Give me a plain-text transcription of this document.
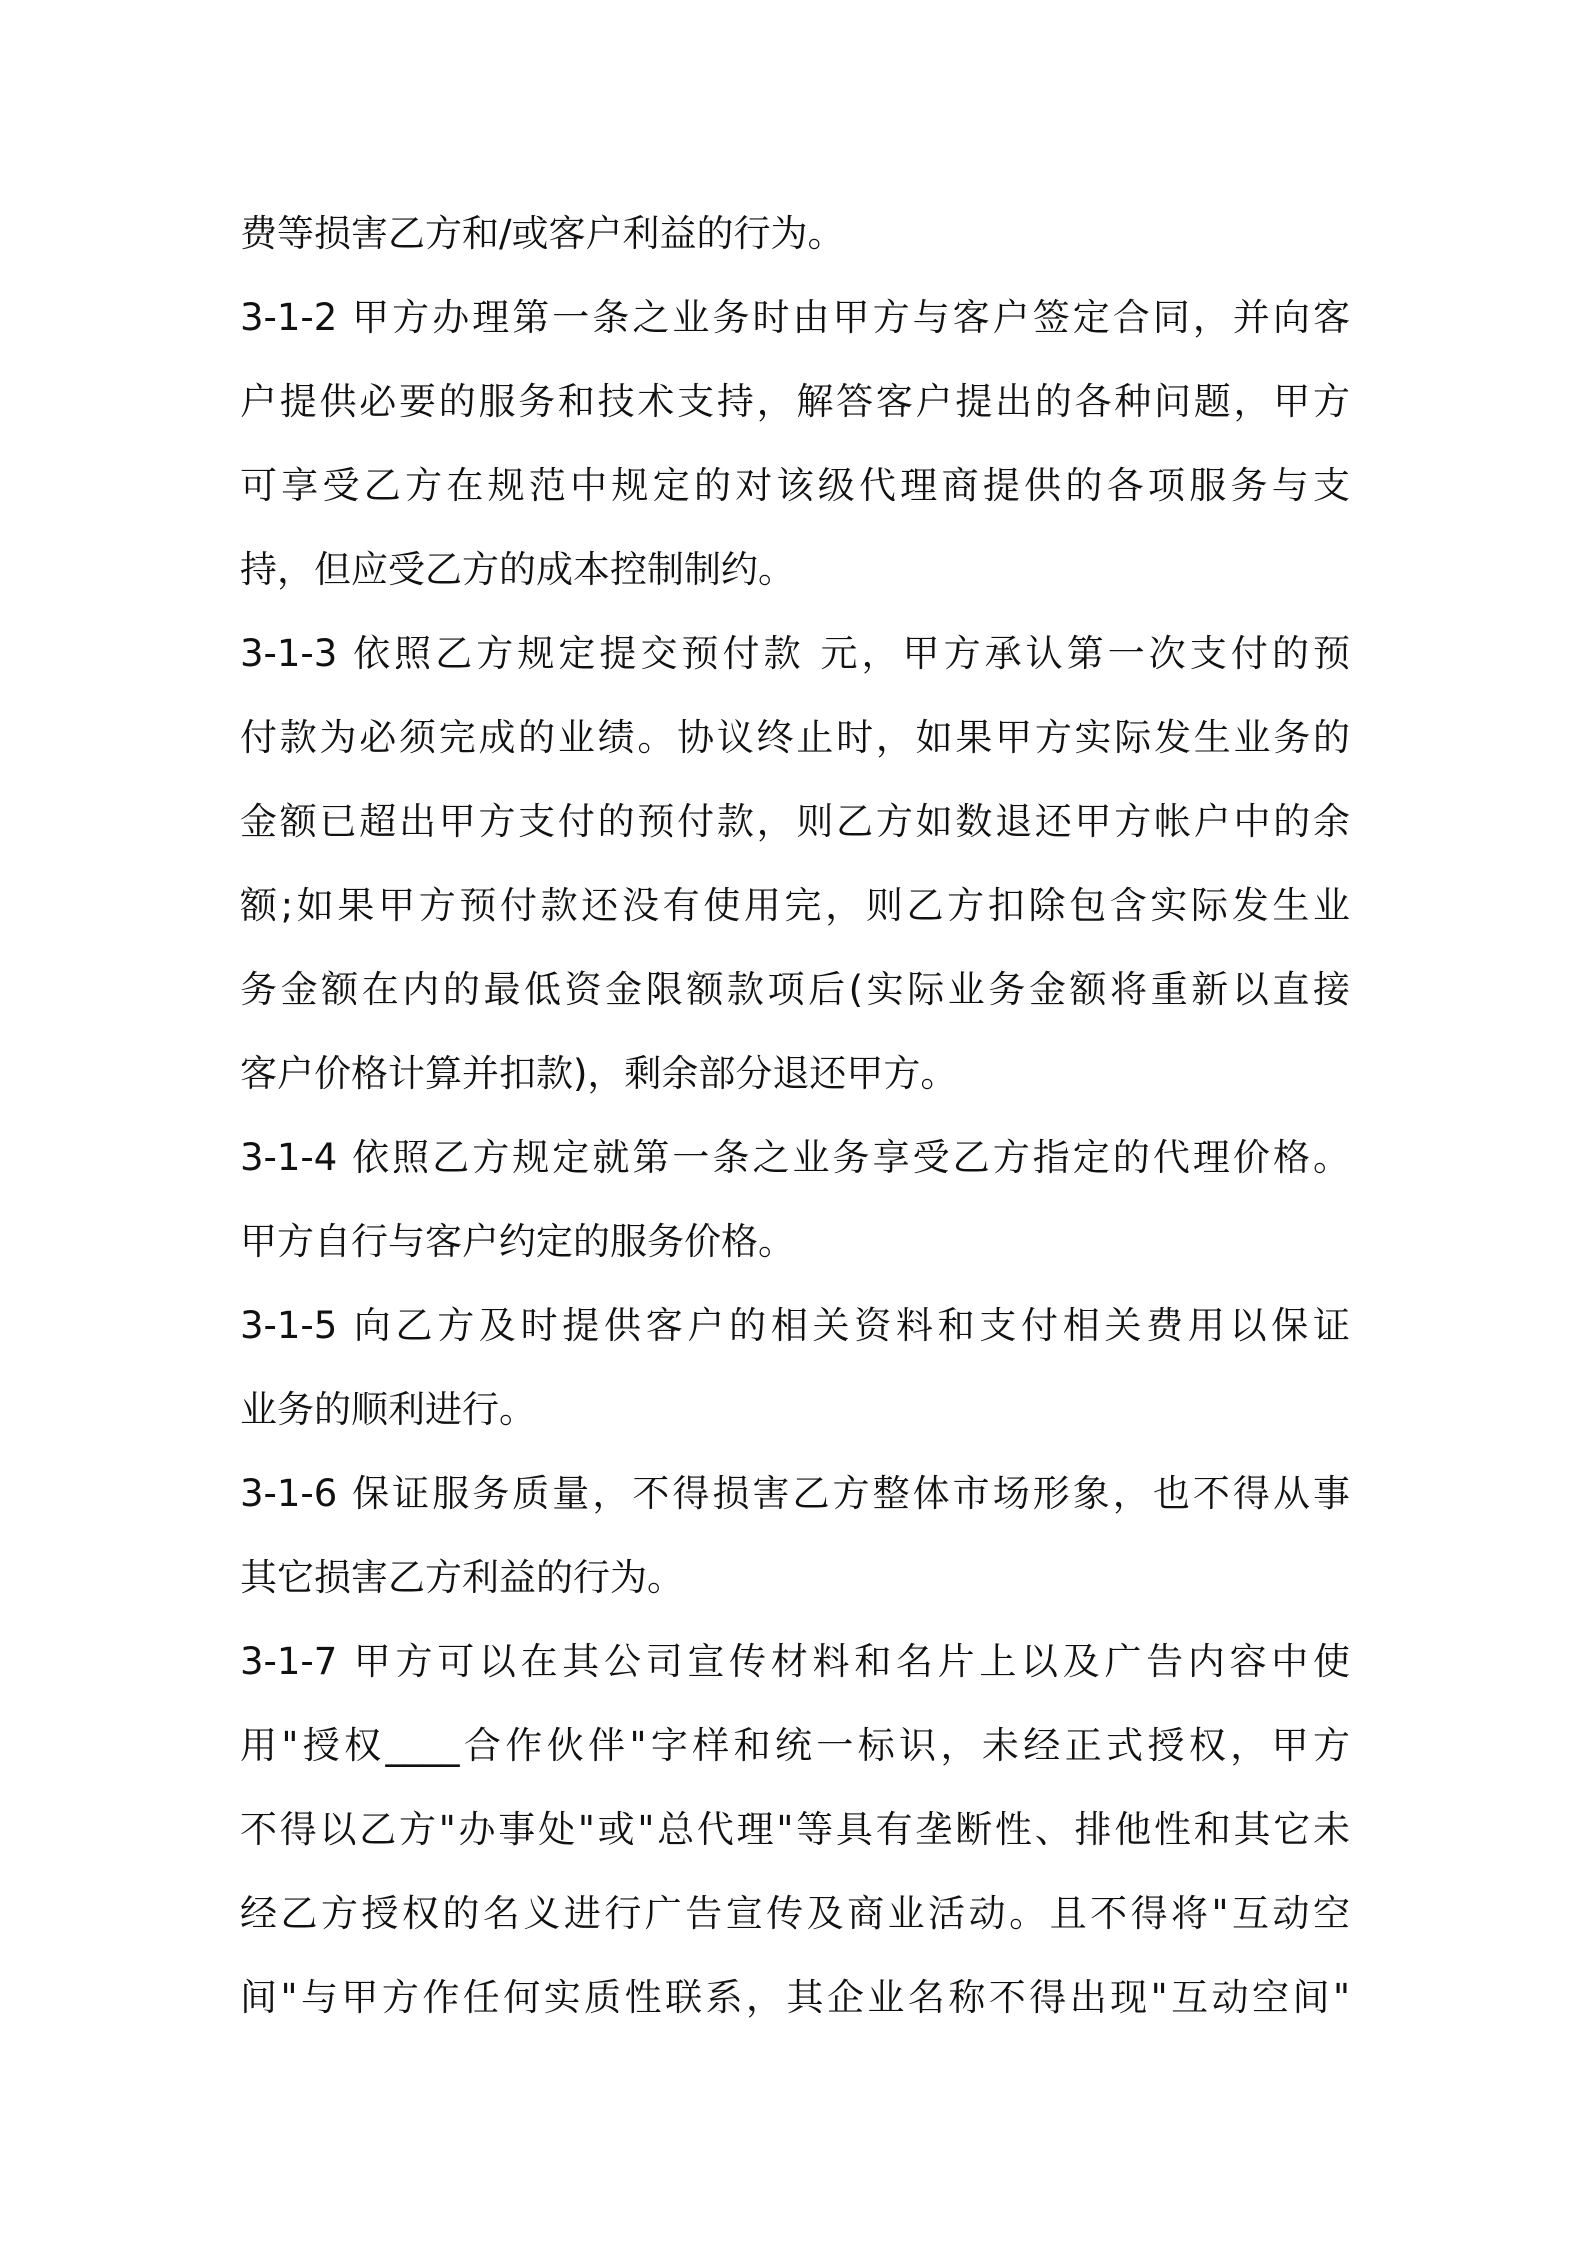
费等损害乙方和/或客户利益的行为。
3-1-2 甲方办理第一条之业务时由甲方与客户签定合同，并向客
户提供必要的服务和技术支持，解答客户提出的各种问题，甲方
可享受乙方在规范中规定的对该级代理商提供的各项服务与支
持，但应受乙方的成本控制制约。
3-1-3 依照乙方规定提交预付款 元，甲方承认第一次支付的预
付款为必须完成的业绩。协议终止时，如果甲方实际发生业务的
金额已超出甲方支付的预付款，则乙方如数退还甲方帐户中的余
额;如果甲方预付款还没有使用完，则乙方扣除包含实际发生业
务金额在内的最低资金限额款项后(实际业务金额将重新以直接
客户价格计算并扣款)，剩余部分退还甲方。
3-1-4 依照乙方规定就第一条之业务享受乙方指定的代理价格。
甲方自行与客户约定的服务价格。
3-1-5 向乙方及时提供客户的相关资料和支付相关费用以保证
业务的顺利进行。
3-1-6 保证服务质量，不得损害乙方整体市场形象，也不得从事
其它损害乙方利益的行为。
3-1-7 甲方可以在其公司宣传材料和名片上以及广告内容中使
用"授权____合作伙伴"字样和统一标识，未经正式授权，甲方
不得以乙方"办事处"或"总代理"等具有垄断性、排他性和其它未
经乙方授权的名义进行广告宣传及商业活动。且不得将"互动空
间"与甲方作任何实质性联系，其企业名称不得出现"互动空间"
